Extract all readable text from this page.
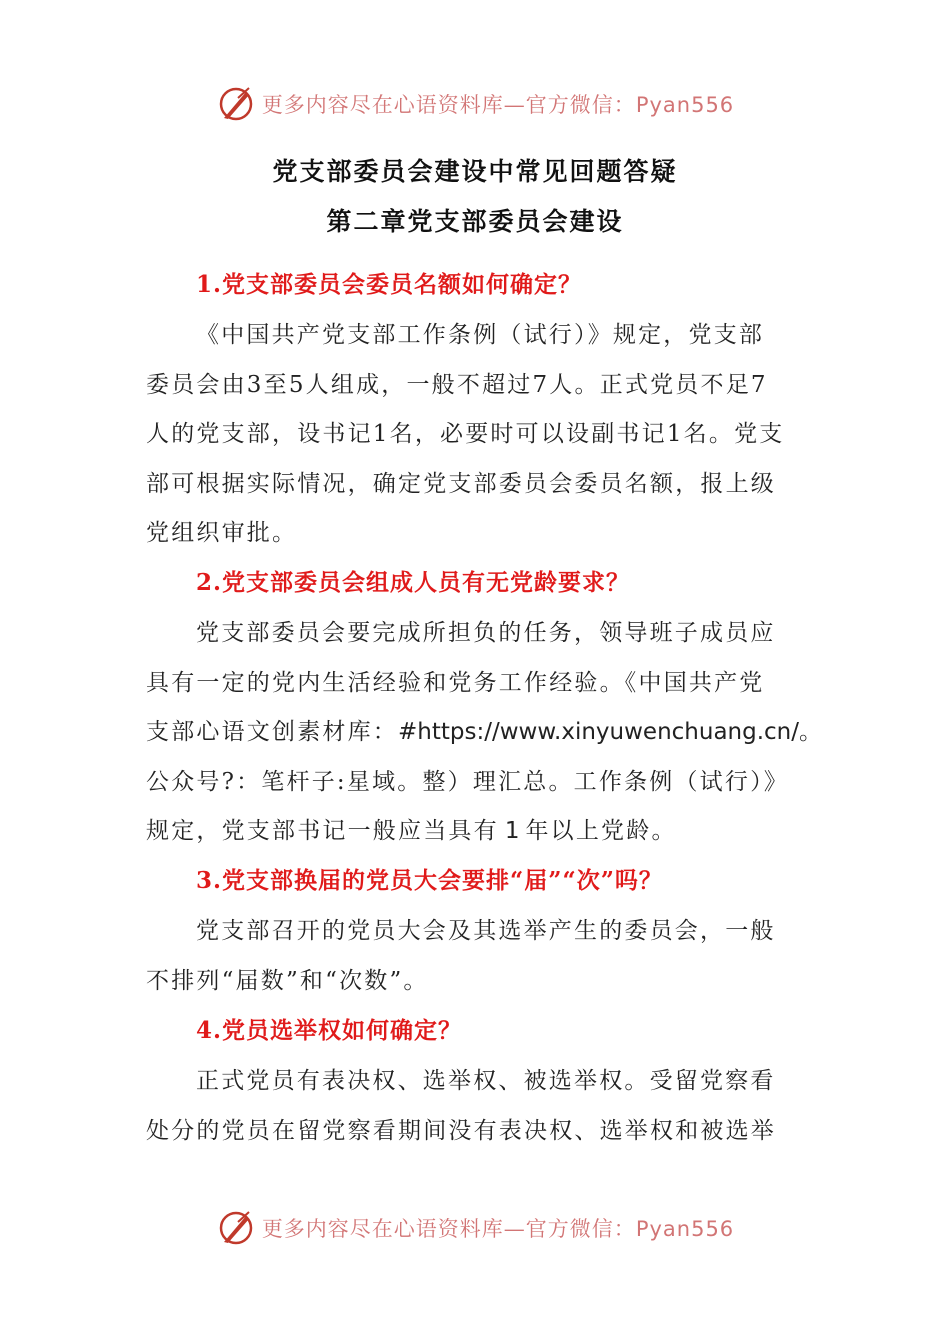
更多内容尽在心语资料库—官方微信：Pyan556
党支部委员会建设中常见回题答疑
第二章党支部委员会建设
1.党支部委员会委员名额如何确定？
《中国共产党支部工作条例（试行）》规定，党支部
委员会由3至5人组成，一般不超过7人。正式党员不足7
人的党支部，设书记1名，必要时可以设副书记1名。党支
部可根据实际情况，确定党支部委员会委员名额，报上级
党组织审批。
2.党支部委员会组成人员有无党龄要求？
党支部委员会要完成所担负的任务，领导班子成员应
具有一定的党内生活经验和党务工作经验。《中国共产党
支部心语文创素材库：#https://www.xinyuwenchuang.cn/。
公众号?：笔杆子:星域。整）理汇总。工作条例（试行）》
规定，党支部书记一般应当具有 1 年以上党龄。
3.党支部换届的党员大会要排“届”“次”吗？
党支部召开的党员大会及其选举产生的委员会，一般
不排列“届数”和“次数”。
4.党员选举权如何确定？
正式党员有表决权、选举权、被选举权。受留党察看
处分的党员在留党察看期间没有表决权、选举权和被选举
更多内容尽在心语资料库—官方微信：Pyan556
